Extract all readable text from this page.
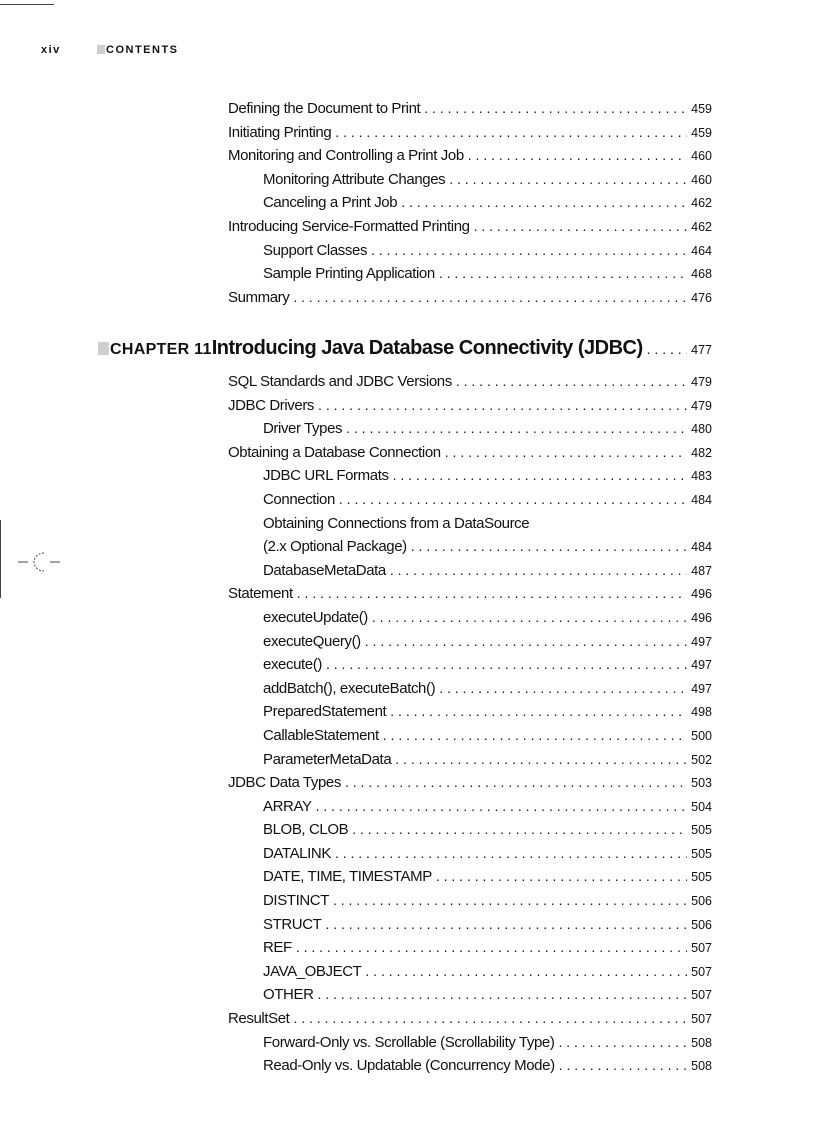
xiv	CONTENTS
Defining the Document to Print . . .	459
Initiating Printing . . .	459
Monitoring and Controlling a Print Job . . .	460
Monitoring Attribute Changes . . .	460
Canceling a Print Job . . .	462
Introducing Service-Formatted Printing . . .	462
Support Classes . . .	464
Sample Printing Application . . .	468
Summary . . .	476
CHAPTER 11 Introducing Java Database Connectivity (JDBC) . . .	477
SQL Standards and JDBC Versions . . .	479
JDBC Drivers . . .	479
Driver Types . . .	480
Obtaining a Database Connection . . .	482
JDBC URL Formats . . .	483
Connection . . .	484
Obtaining Connections from a DataSource
(2.x Optional Package) . . .	484
DatabaseMetaData . . .	487
Statement . . .	496
executeUpdate() . . .	496
executeQuery() . . .	497
execute() . . .	497
addBatch(), executeBatch() . . .	497
PreparedStatement . . .	498
CallableStatement . . .	500
ParameterMetaData . . .	502
JDBC Data Types . . .	503
ARRAY . . .	504
BLOB, CLOB . . .	505
DATALINK . . .	505
DATE, TIME, TIMESTAMP . . .	505
DISTINCT . . .	506
STRUCT . . .	506
REF . . .	507
JAVA_OBJECT . . .	507
OTHER . . .	507
ResultSet . . .	507
Forward-Only vs. Scrollable (Scrollability Type) . . .	508
Read-Only vs. Updatable (Concurrency Mode) . . .	508
